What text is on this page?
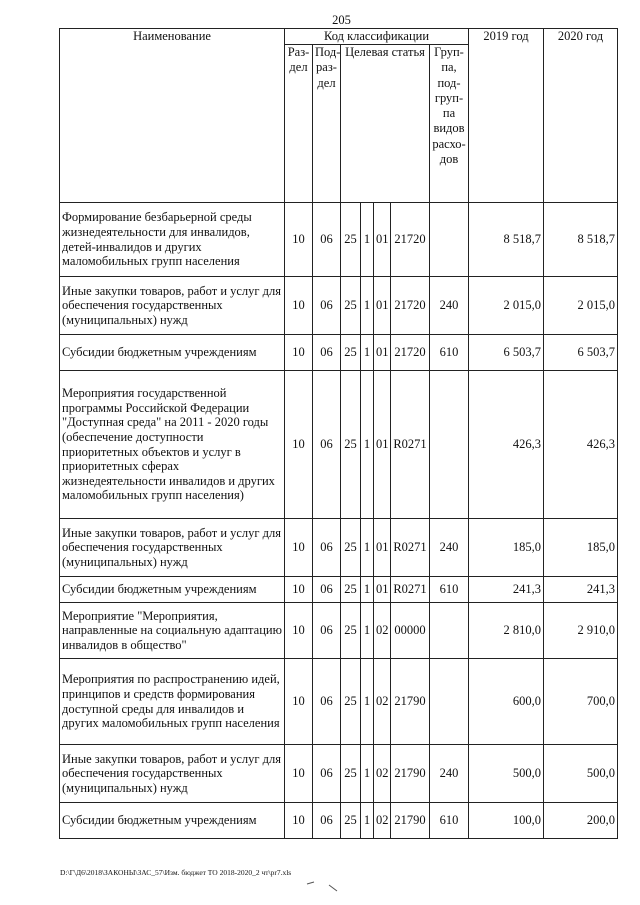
205
Наименование	Код классификации							2019 год	2020 год
	Раз-дел	Под-раз-дел	Целевая статья				Груп-па, под-груп-па видов расхо-дов		
Формирование безбарьерной среды жизнедеятельности для инвалидов, детей-инвалидов и других маломобильных групп населения	10	06	25	1	01	21720		8 518,7	8 518,7
Иные закупки товаров, работ и услуг для обеспечения государственных (муниципальных) нужд	10	06	25	1	01	21720	240	2 015,0	2 015,0
Субсидии бюджетным учреждениям	10	06	25	1	01	21720	610	6 503,7	6 503,7
Мероприятия государственной программы Российской Федерации "Доступная среда" на 2011 - 2020 годы (обеспечение доступности приоритетных объектов и услуг в приоритетных сферах жизнедеятельности инвалидов и других маломобильных групп населения)	10	06	25	1	01	R0271		426,3	426,3
Иные закупки товаров, работ и услуг для обеспечения государственных (муниципальных) нужд	10	06	25	1	01	R0271	240	185,0	185,0
Субсидии бюджетным учреждениям	10	06	25	1	01	R0271	610	241,3	241,3
Мероприятие "Мероприятия, направленные на социальную адаптацию инвалидов в общество"	10	06	25	1	02	00000		2 810,0	2 910,0
Мероприятия по распространению идей, принципов и средств формирования доступной среды для инвалидов и других маломобильных групп населения	10	06	25	1	02	21790		600,0	700,0
Иные закупки товаров, работ и услуг для обеспечения государственных (муниципальных) нужд	10	06	25	1	02	21790	240	500,0	500,0
Субсидии бюджетным учреждениям	10	06	25	1	02	21790	610	100,0	200,0
D:\Г\Д6\2018\ЗАКОНЫ\ЗАС_57\Изм. бюджет ТО 2018-2020_2 чт\pr7.xls
